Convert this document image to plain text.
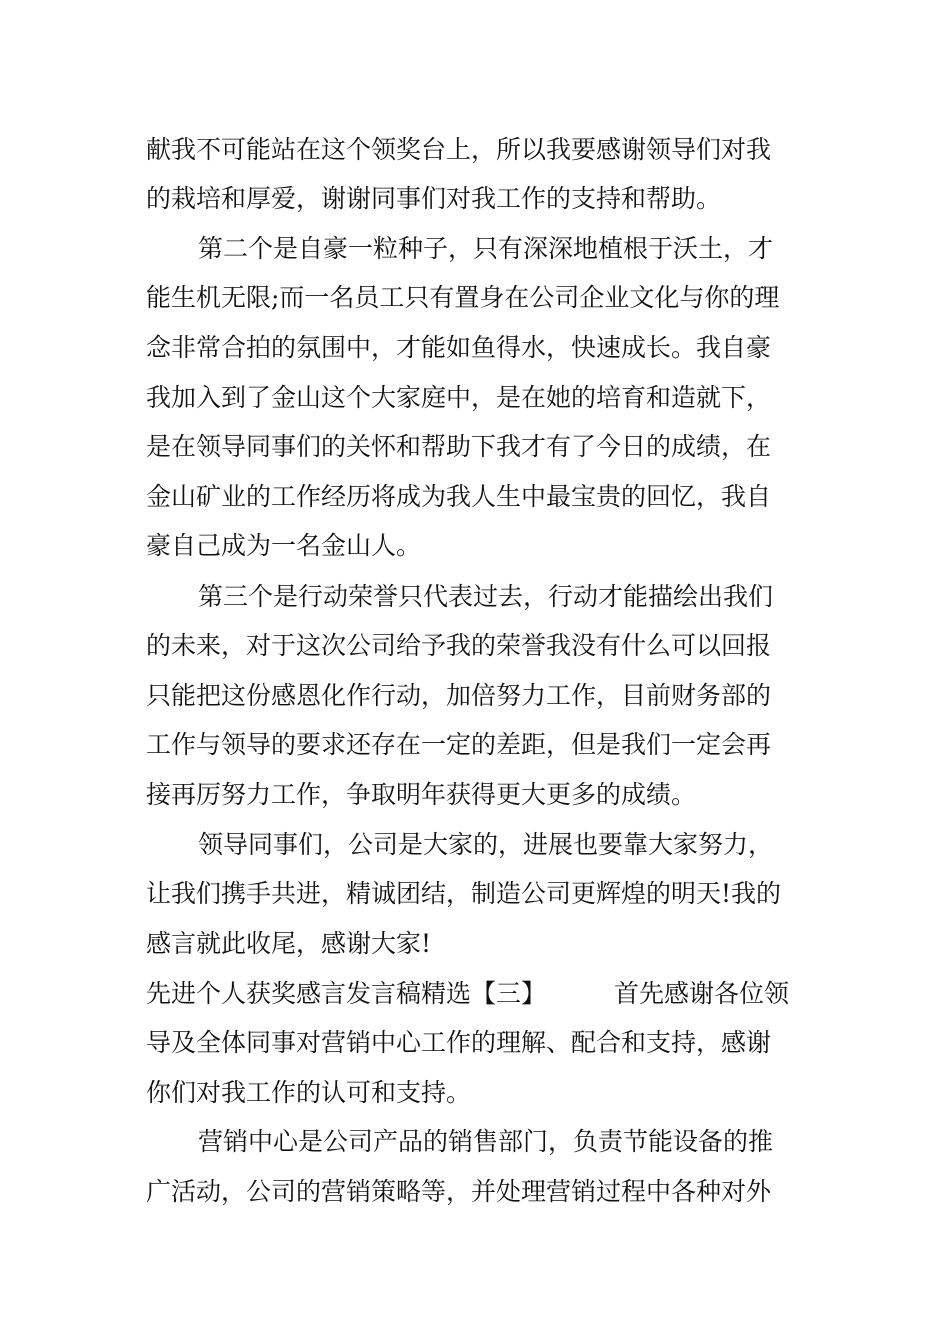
献我不可能站在这个领奖台上，所以我要感谢领导们对我

的栽培和厚爱，谢谢同事们对我工作的支持和帮助。

第二个是自豪一粒种子，只有深深地植根于沃土，才

能生机无限;而一名员工只有置身在公司企业文化与你的理

念非常合拍的氛围中，才能如鱼得水，快速成长。我自豪

我加入到了金山这个大家庭中，是在她的培育和造就下，

是在领导同事们的关怀和帮助下我才有了今日的成绩，在

金山矿业的工作经历将成为我人生中最宝贵的回忆，我自

豪自己成为一名金山人。

第三个是行动荣誉只代表过去，行动才能描绘出我们

的未来，对于这次公司给予我的荣誉我没有什么可以回报

只能把这份感恩化作行动，加倍努力工作，目前财务部的

工作与领导的要求还存在一定的差距，但是我们一定会再

接再厉努力工作，争取明年获得更大更多的成绩。

领导同事们，公司是大家的，进展也要靠大家努力，

让我们携手共进，精诚团结，制造公司更辉煌的明天!我的

感言就此收尾，感谢大家!

先进个人获奖感言发言稿精选【三】	首先感谢各位领

导及全体同事对营销中心工作的理解、配合和支持，感谢

你们对我工作的认可和支持。

营销中心是公司产品的销售部门，负责节能设备的推

广活动，公司的营销策略等，并处理营销过程中各种对外
